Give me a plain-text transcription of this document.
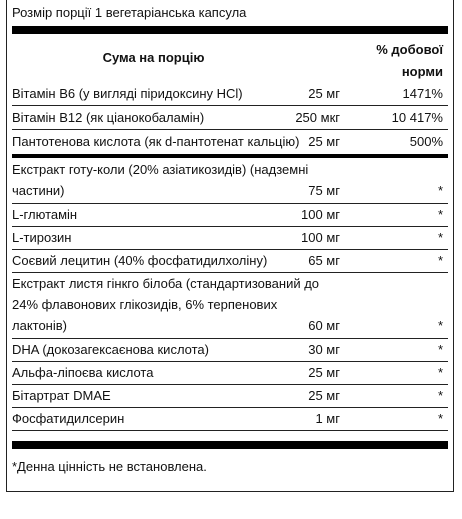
Розмір порції 1 вегетаріанська капсула
Сума на порцію
% добової
норми
Вітамін B6 (у вигляді піридоксину HCl)	25 мг	1471%
Вітамін B12 (як ціанокобаламін)	250 мкг	10 417%
Пантотенова кислота (як d-пантотенат кальцію) 25 мг	500%
Екстракт готу-коли (20% азіатикозидів) (надземні
частини)	75 мг	*
L-глютамін	100 мг	*
L-тирозин	100 мг	*
Соєвий лецитин (40% фосфатидилхоліну)	65 мг	*
Екстракт листя гінкго білоба (стандартизований до
24% флавонових глікозидів, 6% терпенових
лактонів)	60 мг	*
DHA (докозагексаєнова кислота)	30 мг	*
Альфа-ліпоєва кислота	25 мг	*
Бітартрат DMAE	25 мг	*
Фосфатидилсерин	1 мг	*
*Денна цінність не встановлена.
